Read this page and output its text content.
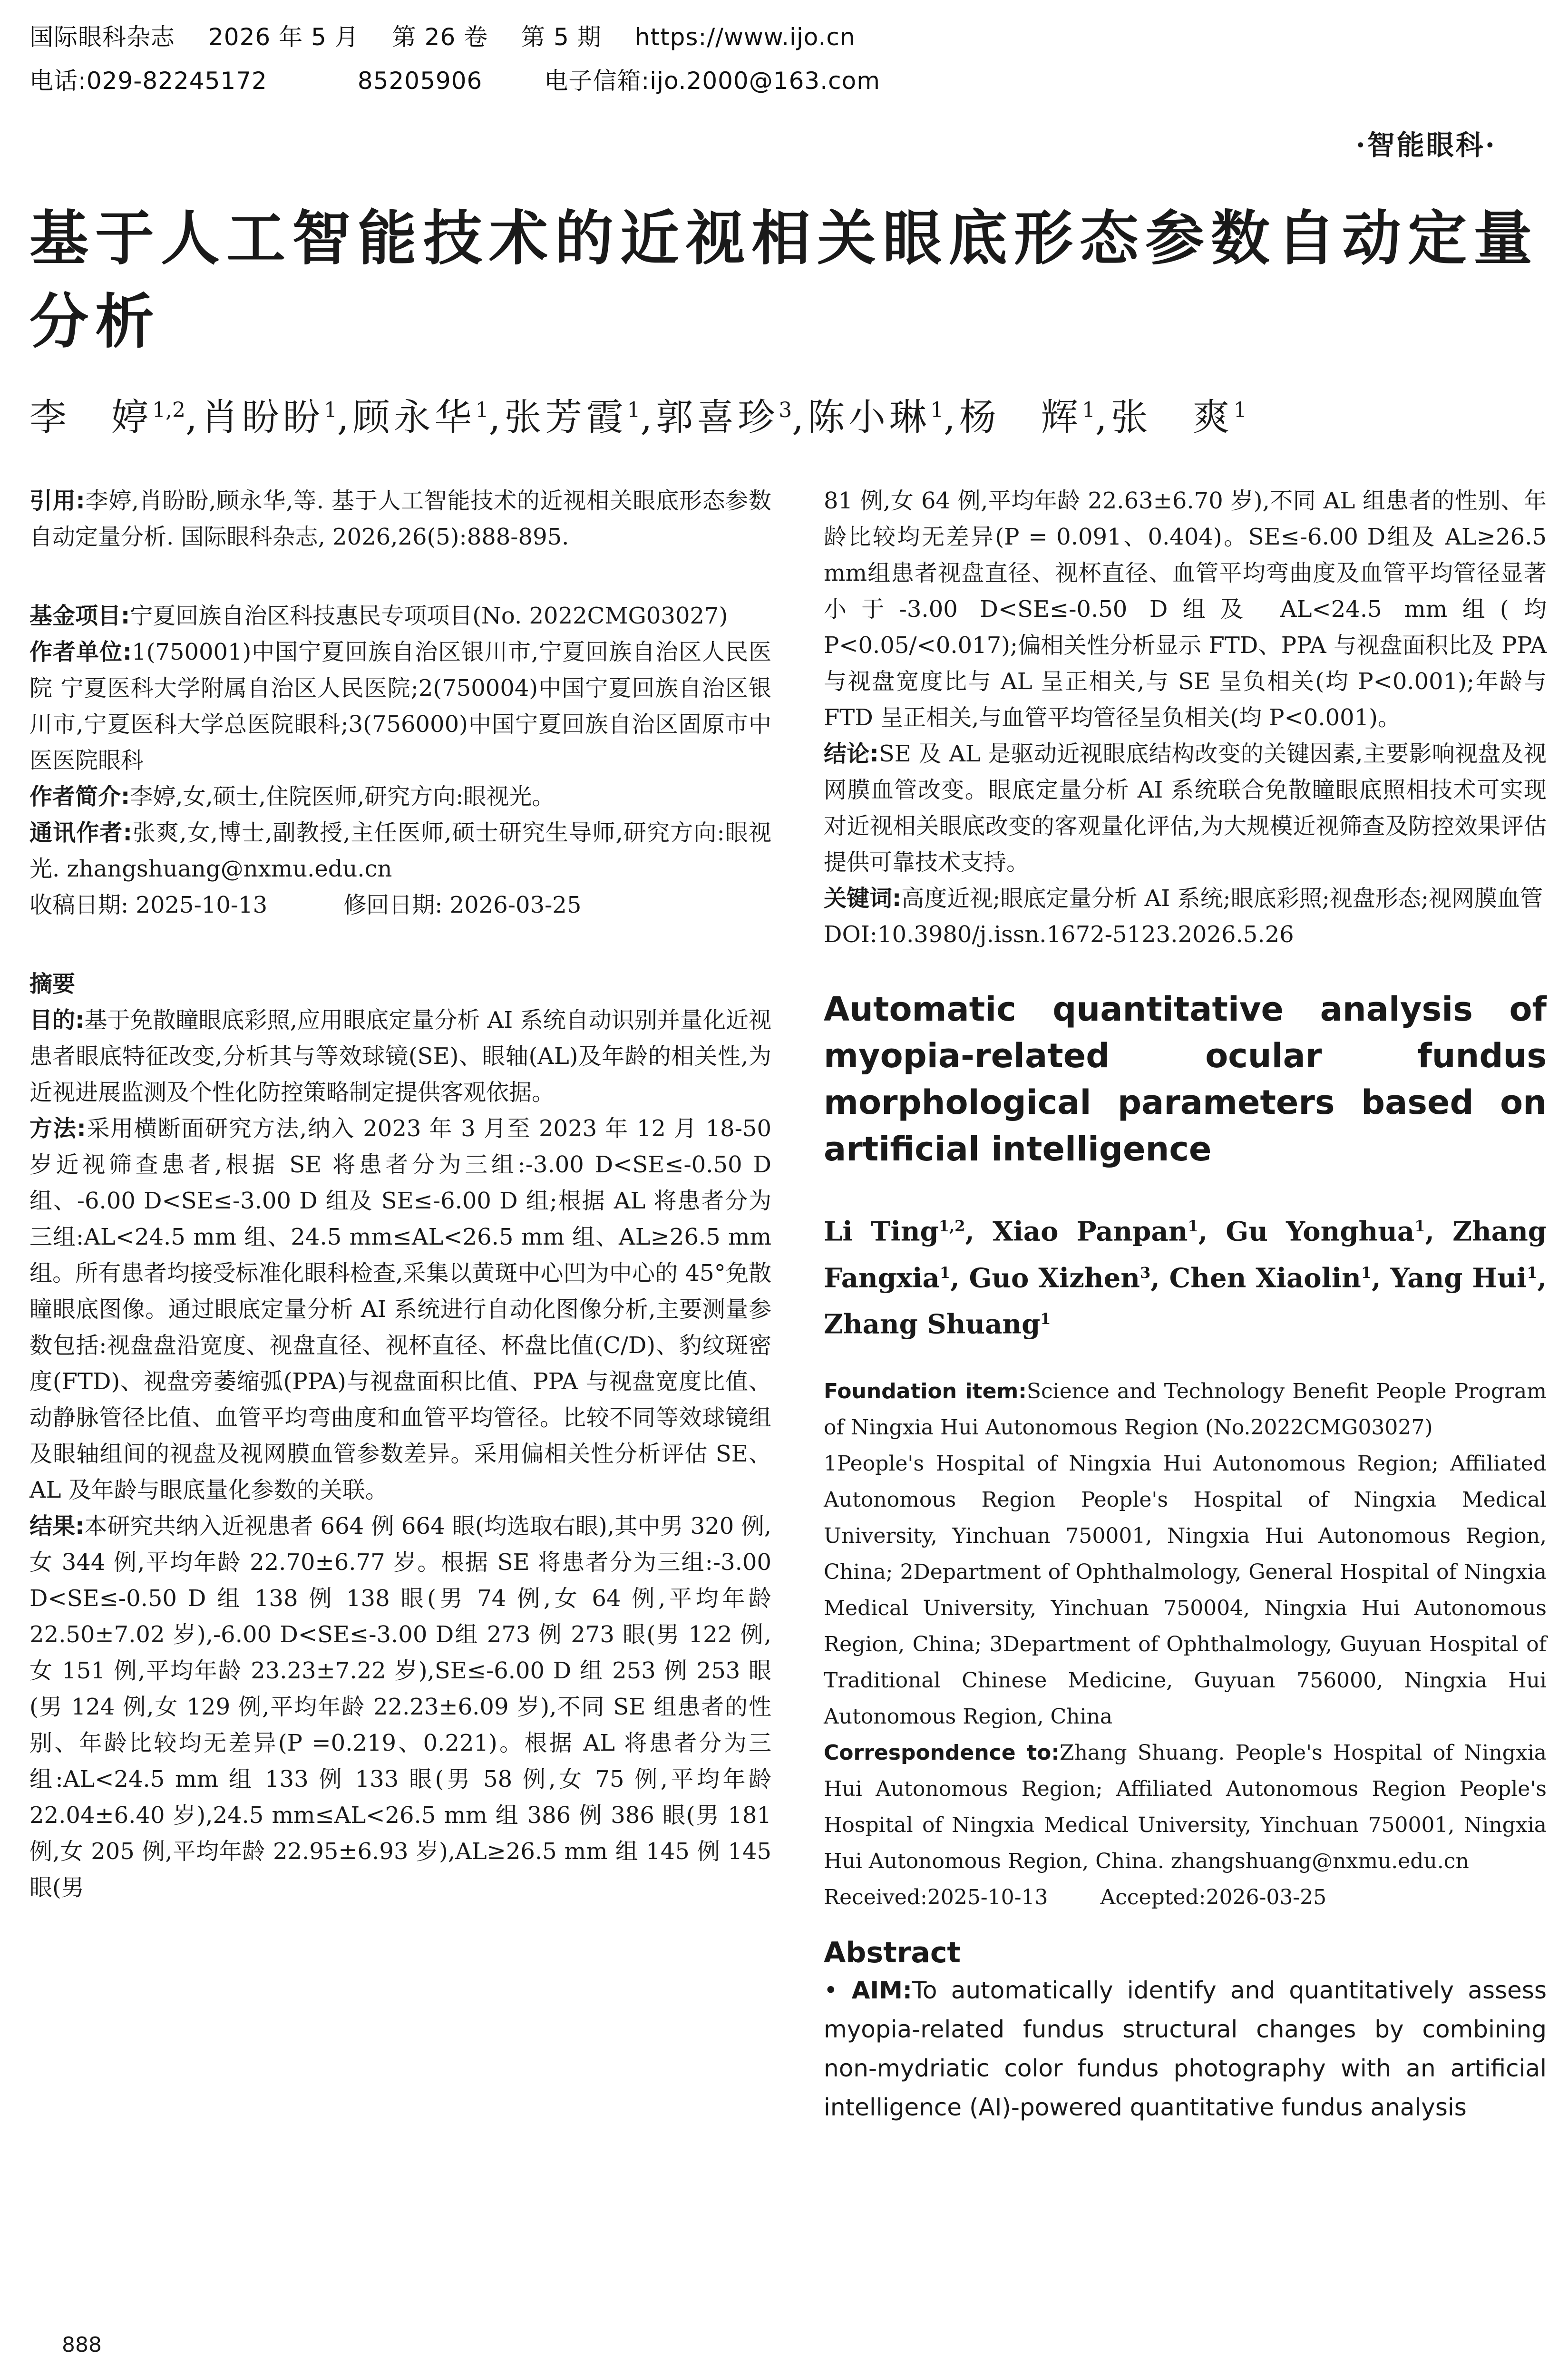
国际眼科杂志 2026 年 5 月 第 26 卷 第 5 期 https://www.ijo.cn
电话:029-82245172	85205906	电子信箱:ijo.2000@163.com
·智能眼科·
基于人工智能技术的近视相关眼底形态参数自动定量分析
李　婷$^{1,2}$,肖盼盼$^1$,顾永华$^1$,张芳霞$^1$,郭喜珍$^3$,陈小琳$^1$,杨　辉$^1$,张　爽$^1$

引用:李婷,肖盼盼,顾永华,等. 基于人工智能技术的近视相关眼底形态参数自动定量分析. 国际眼科杂志, 2026,26(5):888-895.

基金项目:宁夏回族自治区科技惠民专项项目(No. 2022CMG03027)

作者单位:1(750001)中国宁夏回族自治区银川市,宁夏回族自治区人民医院 宁夏医科大学附属自治区人民医院;2(750004)中国宁夏回族自治区银川市,宁夏医科大学总医院眼科;3(756000)中国宁夏回族自治区固原市中医医院眼科

作者简介:李婷,女,硕士,住院医师,研究方向:眼视光。

通讯作者:张爽,女,博士,副教授,主任医师,硕士研究生导师,研究方向:眼视光. zhangshuang@nxmu.edu.cn

收稿日期: 2025-10-13	修回日期: 2026-03-25

摘要

目的:基于免散瞳眼底彩照,应用眼底定量分析 AI 系统自动识别并量化近视患者眼底特征改变,分析其与等效球镜(SE)、眼轴(AL)及年龄的相关性,为近视进展监测及个性化防控策略制定提供客观依据。

方法:采用横断面研究方法,纳入 2023 年 3 月至 2023 年 12 月 18-50 岁近视筛查患者,根据 SE 将患者分为三组:-3.00 D<SE≤-0.50 D 组、-6.00 D<SE≤-3.00 D 组及 SE≤-6.00 D 组;根据 AL 将患者分为三组:AL<24.5 mm 组、24.5 mm≤AL<26.5 mm 组、AL≥26.5 mm 组。所有患者均接受标准化眼科检查,采集以黄斑中心凹为中心的 45°免散瞳眼底图像。通过眼底定量分析 AI 系统进行自动化图像分析,主要测量参数包括:视盘盘沿宽度、视盘直径、视杯直径、杯盘比值(C/D)、豹纹斑密度(FTD)、视盘旁萎缩弧(PPA)与视盘面积比值、PPA 与视盘宽度比值、动静脉管径比值、血管平均弯曲度和血管平均管径。比较不同等效球镜组及眼轴组间的视盘及视网膜血管参数差异。采用偏相关性分析评估 SE、AL 及年龄与眼底量化参数的关联。

结果:本研究共纳入近视患者 664 例 664 眼(均选取右眼),其中男 320 例,女 344 例,平均年龄 22.70±6.77 岁。根据 SE 将患者分为三组:-3.00 D<SE≤-0.50 D 组 138 例 138 眼(男 74 例,女 64 例,平均年龄 22.50±7.02 岁),-6.00 D<SE≤-3.00 D组 273 例 273 眼(男 122 例,女 151 例,平均年龄 23.23±7.22 岁),SE≤-6.00 D 组 253 例 253 眼(男 124 例,女 129 例,平均年龄 22.23±6.09 岁),不同 SE 组患者的性别、年龄比较均无差异(P =0.219、0.221)。根据 AL 将患者分为三组:AL<24.5 mm 组 133 例 133 眼(男 58 例,女 75 例,平均年龄 22.04±6.40 岁),24.5 mm≤AL<26.5 mm 组 386 例 386 眼(男 181 例,女 205 例,平均年龄 22.95±6.93 岁),AL≥26.5 mm 组 145 例 145 眼(男

81 例,女 64 例,平均年龄 22.63±6.70 岁),不同 AL 组患者的性别、年龄比较均无差异(P = 0.091、0.404)。SE≤-6.00 D组及 AL≥26.5 mm组患者视盘直径、视杯直径、血管平均弯曲度及血管平均管径显著小于-3.00 D<SE≤-0.50 D组及 AL<24.5 mm组(均 P<0.05/<0.017);偏相关性分析显示 FTD、PPA 与视盘面积比及 PPA 与视盘宽度比与 AL 呈正相关,与 SE 呈负相关(均 P<0.001);年龄与 FTD 呈正相关,与血管平均管径呈负相关(均 P<0.001)。

结论:SE 及 AL 是驱动近视眼底结构改变的关键因素,主要影响视盘及视网膜血管改变。眼底定量分析 AI 系统联合免散瞳眼底照相技术可实现对近视相关眼底改变的客观量化评估,为大规模近视筛查及防控效果评估提供可靠技术支持。

关键词:高度近视;眼底定量分析 AI 系统;眼底彩照;视盘形态;视网膜血管

DOI:10.3980/j.issn.1672-5123.2026.5.26

Automatic quantitative analysis of myopia-related ocular fundus morphological parameters based on artificial intelligence
Li Ting$^{1,2}$, Xiao Panpan$^1$, Gu Yonghua$^1$, Zhang Fangxia$^1$, Guo Xizhen$^3$, Chen Xiaolin$^1$, Yang Hui$^1$, Zhang Shuang$^1$

Foundation item:Science and Technology Benefit People Program of Ningxia Hui Autonomous Region (No.2022CMG03027)

1People's Hospital of Ningxia Hui Autonomous Region; Affiliated Autonomous Region People's Hospital of Ningxia Medical University, Yinchuan 750001, Ningxia Hui Autonomous Region, China; 2Department of Ophthalmology, General Hospital of Ningxia Medical University, Yinchuan 750004, Ningxia Hui Autonomous Region, China; 3Department of Ophthalmology, Guyuan Hospital of Traditional Chinese Medicine, Guyuan 756000, Ningxia Hui Autonomous Region, China

Correspondence to:Zhang Shuang. People's Hospital of Ningxia Hui Autonomous Region; Affiliated Autonomous Region People's Hospital of Ningxia Medical University, Yinchuan 750001, Ningxia Hui Autonomous Region, China. zhangshuang@nxmu.edu.cn

Received:2025-10-13	Accepted:2026-03-25

Abstract

• AIM:To automatically identify and quantitatively assess myopia-related fundus structural changes by combining non-mydriatic color fundus photography with an artificial intelligence (AI)-powered quantitative fundus analysis

888
